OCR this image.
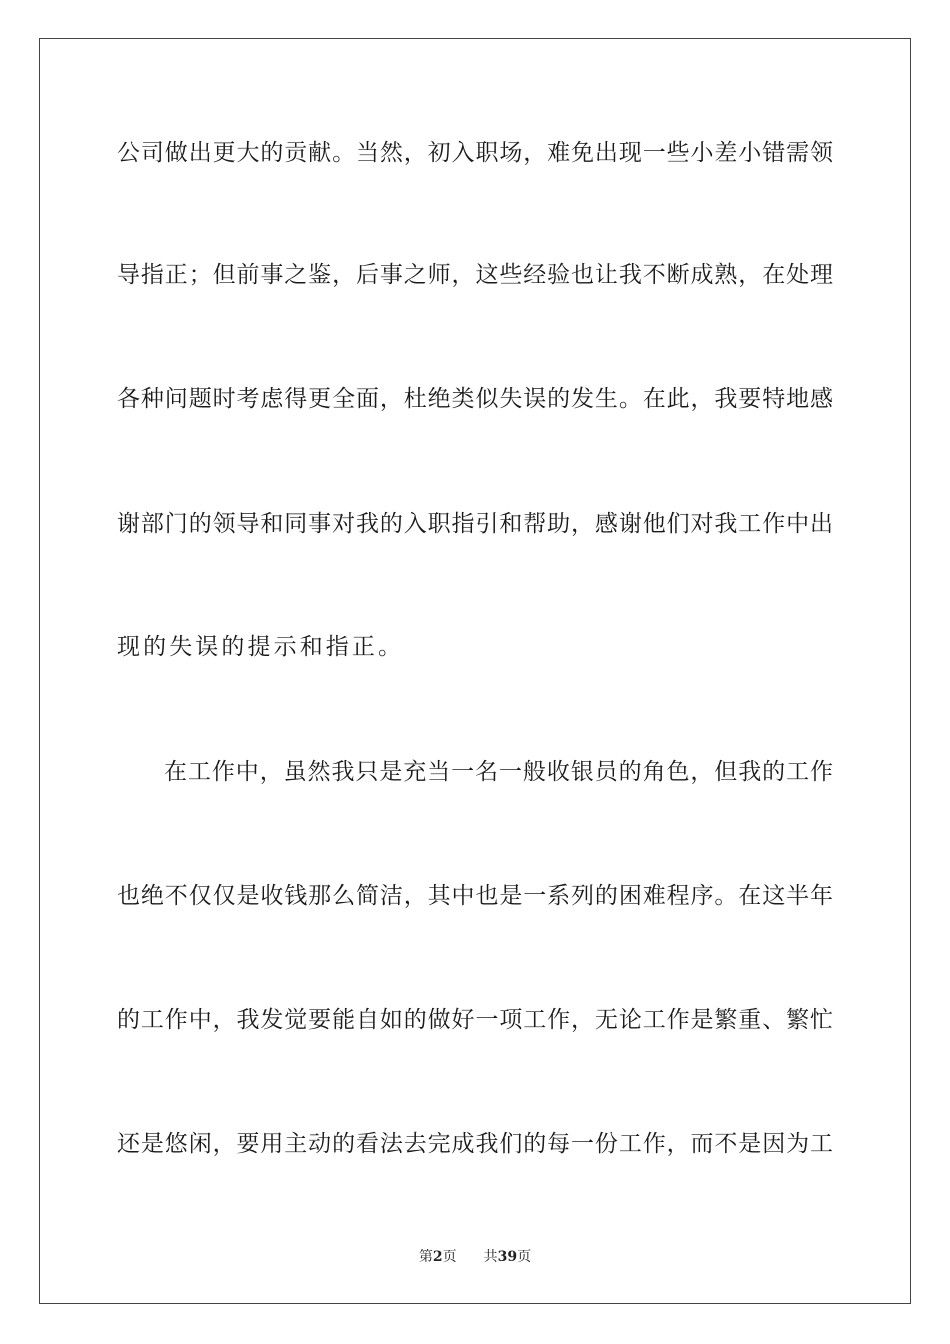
公司做出更大的贡献。当然，初入职场，难免出现一些小差小错需领

导指正；但前事之鉴，后事之师，这些经验也让我不断成熟，在处理

各种问题时考虑得更全面，杜绝类似失误的发生。在此，我要特地感

谢部门的领导和同事对我的入职指引和帮助，感谢他们对我工作中出

现的失误的提示和指正。

在工作中，虽然我只是充当一名一般收银员的角色，但我的工作

也绝不仅仅是收钱那么简洁，其中也是一系列的困难程序。在这半年

的工作中，我发觉要能自如的做好一项工作，无论工作是繁重、繁忙

还是悠闲，要用主动的看法去完成我们的每一份工作，而不是因为工

第2页 共39页
